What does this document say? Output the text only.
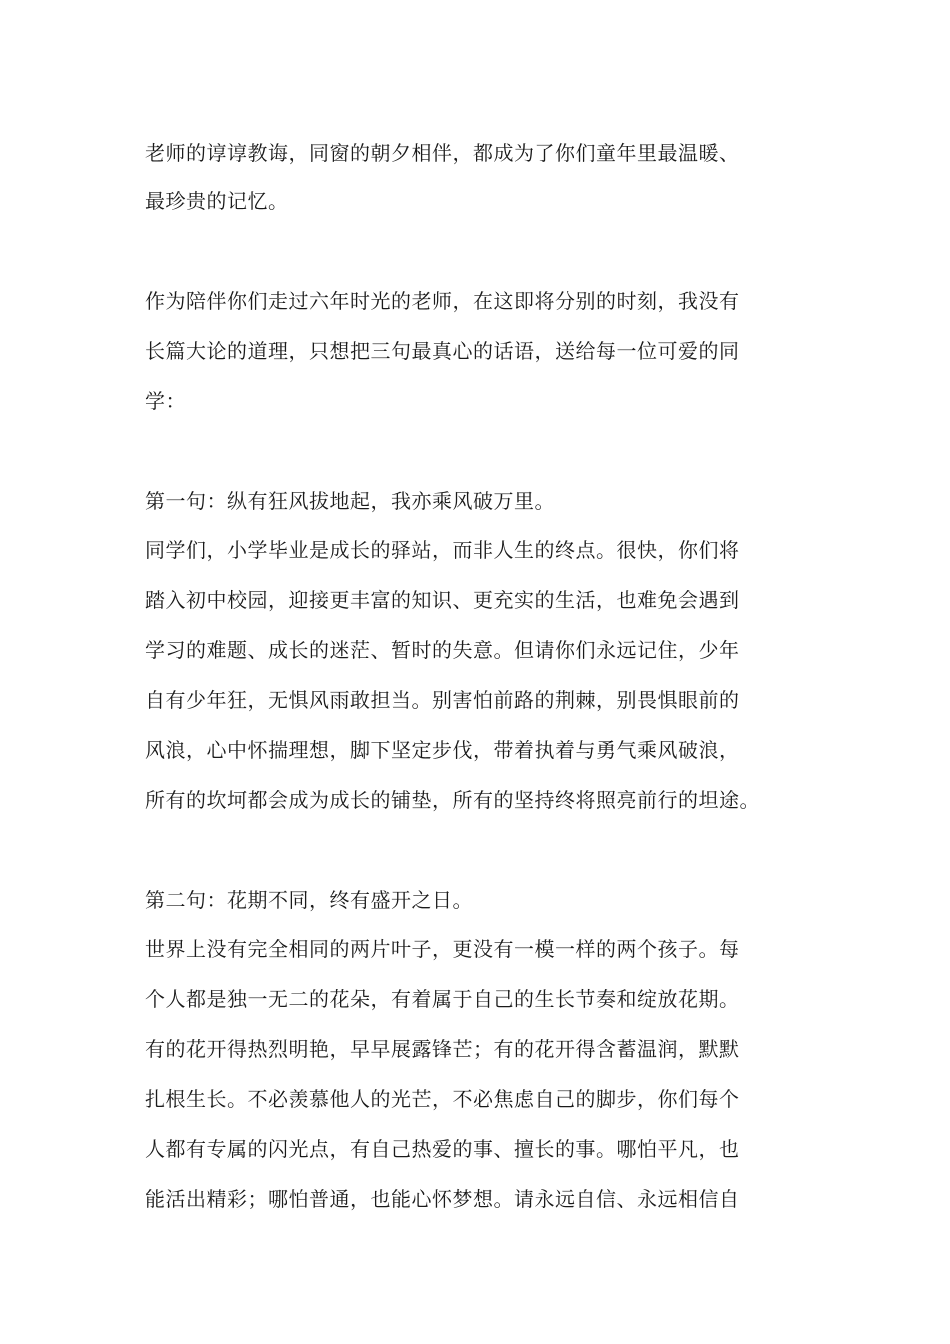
老师的谆谆教诲，同窗的朝夕相伴，都成为了你们童年里最温暖、
最珍贵的记忆。
作为陪伴你们走过六年时光的老师，在这即将分别的时刻，我没有
长篇大论的道理，只想把三句最真心的话语，送给每一位可爱的同
学：
第一句：纵有狂风拔地起，我亦乘风破万里。
同学们，小学毕业是成长的驿站，而非人生的终点。很快，你们将
踏入初中校园，迎接更丰富的知识、更充实的生活，也难免会遇到
学习的难题、成长的迷茫、暂时的失意。但请你们永远记住，少年
自有少年狂，无惧风雨敢担当。别害怕前路的荆棘，别畏惧眼前的
风浪，心中怀揣理想，脚下坚定步伐，带着执着与勇气乘风破浪，
所有的坎坷都会成为成长的铺垫，所有的坚持终将照亮前行的坦途。
第二句：花期不同，终有盛开之日。
世界上没有完全相同的两片叶子，更没有一模一样的两个孩子。每
个人都是独一无二的花朵，有着属于自己的生长节奏和绽放花期。
有的花开得热烈明艳，早早展露锋芒；有的花开得含蓄温润，默默
扎根生长。不必羡慕他人的光芒，不必焦虑自己的脚步，你们每个
人都有专属的闪光点，有自己热爱的事、擅长的事。哪怕平凡，也
能活出精彩；哪怕普通，也能心怀梦想。请永远自信、永远相信自
